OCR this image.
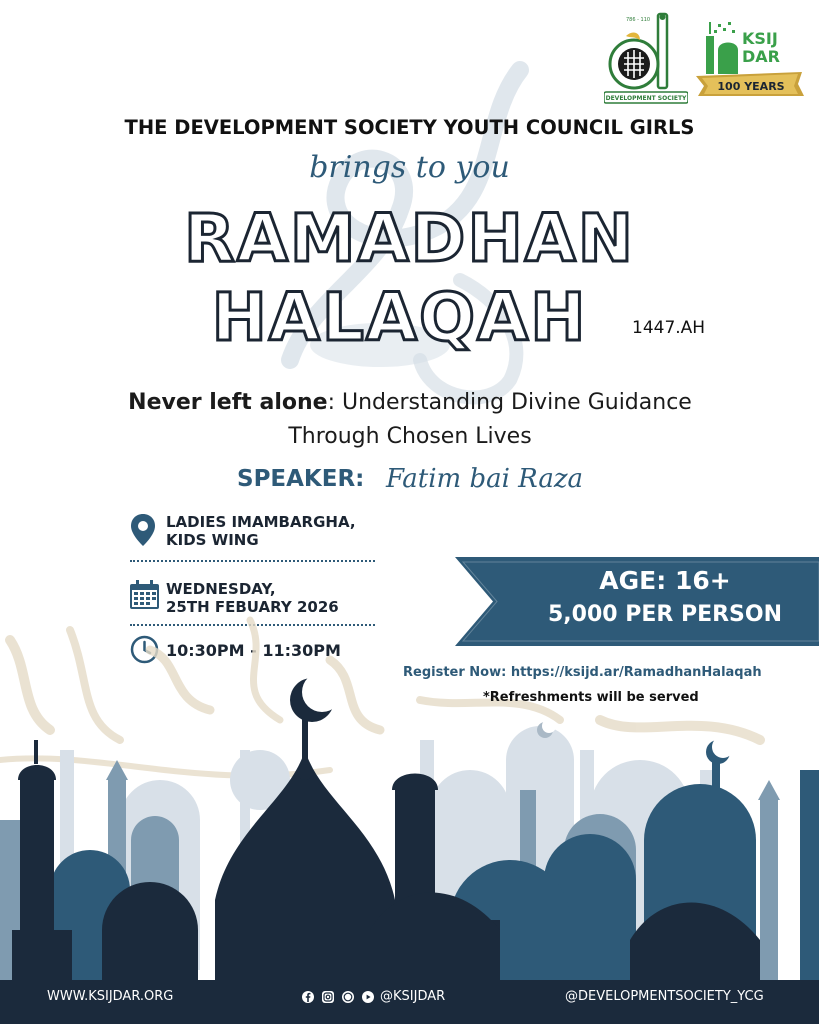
786 - 110
DEVELOPMENT SOCIETY
KSIJ
DAR
100 YEARS
THE DEVELOPMENT SOCIETY YOUTH COUNCIL GIRLS
brings to you
RAMADHAN
HALAQAH	1447.AH
Never left alone: Understanding Divine Guidance
Through Chosen Lives
SPEAKER: Fatim bai Raza
LADIES IMAMBARGHA,
KIDS WING
WEDNESDAY,
25TH FEBUARY 2026
10:30PM - 11:30PM
AGE: 16+
5,000 PER PERSON
Register Now: https://ksijd.ar/RamadhanHalaqah
*Refreshments will be served
WWW.KSIJDAR.ORG

	@KSIJDAR	@DEVELOPMENTSOCIETY_YCG
